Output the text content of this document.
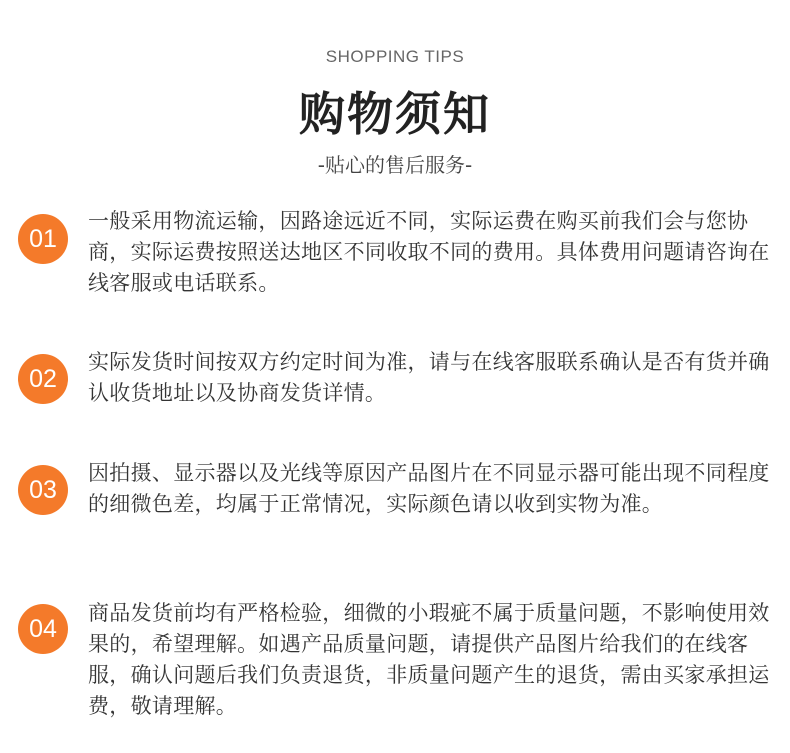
SHOPPING TIPS
购物须知
-贴心的售后服务-
01
一般采用物流运输，因路途远近不同，实际运费在购买前我们会与您协商，实际运费按照送达地区不同收取不同的费用。具体费用问题请咨询在线客服或电话联系。
02
实际发货时间按双方约定时间为准，请与在线客服联系确认是否有货并确认收货地址以及协商发货详情。
03
因拍摄、显示器以及光线等原因产品图片在不同显示器可能出现不同程度的细微色差，均属于正常情况，实际颜色请以收到实物为准。
04
商品发货前均有严格检验，细微的小瑕疵不属于质量问题，不影响使用效果的，希望理解。如遇产品质量问题，请提供产品图片给我们的在线客服，确认问题后我们负责退货，非质量问题产生的退货，需由买家承担运费，敬请理解。
